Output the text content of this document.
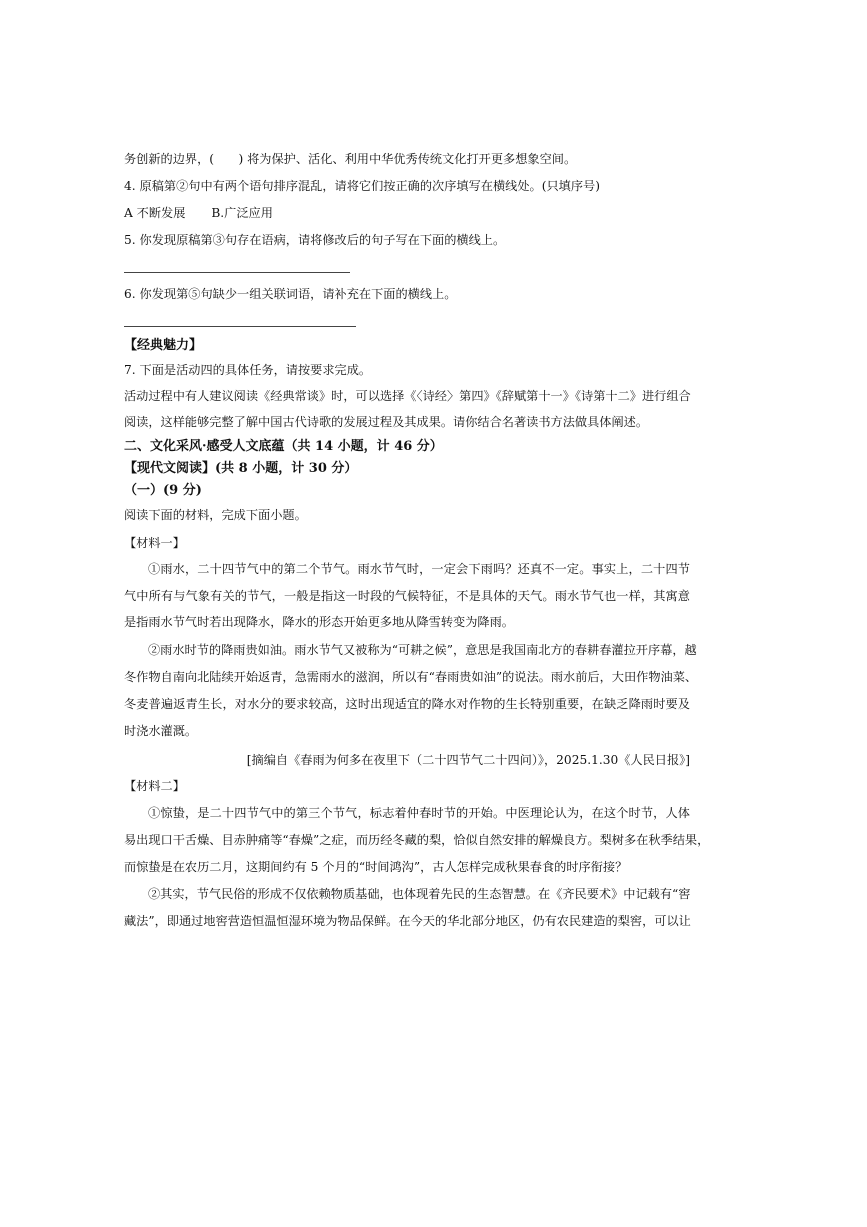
务创新的边界，(　　) 将为保护、活化、利用中华优秀传统文化打开更多想象空间。
4. 原稿第②句中有两个语句排序混乱，请将它们按正确的次序填写在横线处。(只填序号)
A 不断发展 B.广泛应用
5. 你发现原稿第③句存在语病，请将修改后的句子写在下面的横线上。
6. 你发现第⑤句缺少一组关联词语，请补充在下面的横线上。
【经典魅力】
7. 下面是活动四的具体任务，请按要求完成。
活动过程中有人建议阅读《经典常谈》时，可以选择《〈诗经〉第四》《辞赋第十一》《诗第十二》进行组合
阅读，这样能够完整了解中国古代诗歌的发展过程及其成果。请你结合名著读书方法做具体阐述。
二、文化采风·感受人文底蕴（共 14 小题，计 46 分）
【现代文阅读】(共 8 小题，计 30 分）
（一）(9 分)
阅读下面的材料，完成下面小题。
【材料一】
①雨水，二十四节气中的第二个节气。雨水节气时，一定会下雨吗？还真不一定。事实上，二十四节
气中所有与气象有关的节气，一般是指这一时段的气候特征，不是具体的天气。雨水节气也一样，其寓意
是指雨水节气时若出现降水，降水的形态开始更多地从降雪转变为降雨。
②雨水时节的降雨贵如油。雨水节气又被称为“可耕之候”，意思是我国南北方的春耕春灌拉开序幕，越
冬作物自南向北陆续开始返青，急需雨水的滋润，所以有“春雨贵如油”的说法。雨水前后，大田作物油菜、
冬麦普遍返青生长，对水分的要求较高，这时出现适宜的降水对作物的生长特别重要，在缺乏降雨时要及
时浇水灌溉。
[摘编自《春雨为何多在夜里下（二十四节气二十四问）》，2025.1.30《人民日报》]
【材料二】
①惊蛰，是二十四节气中的第三个节气，标志着仲春时节的开始。中医理论认为，在这个时节，人体
易出现口干舌燥、目赤肿痛等“春燥”之症，而历经冬藏的梨，恰似自然安排的解燥良方。梨树多在秋季结果，
而惊蛰是在农历二月，这期间约有 5 个月的“时间鸿沟”，古人怎样完成秋果春食的时序衔接？
②其实，节气民俗的形成不仅依赖物质基础，也体现着先民的生态智慧。在《齐民要术》中记载有“窖
藏法”，即通过地窖营造恒温恒湿环境为物品保鲜。在今天的华北部分地区，仍有农民建造的梨窖，可以让
